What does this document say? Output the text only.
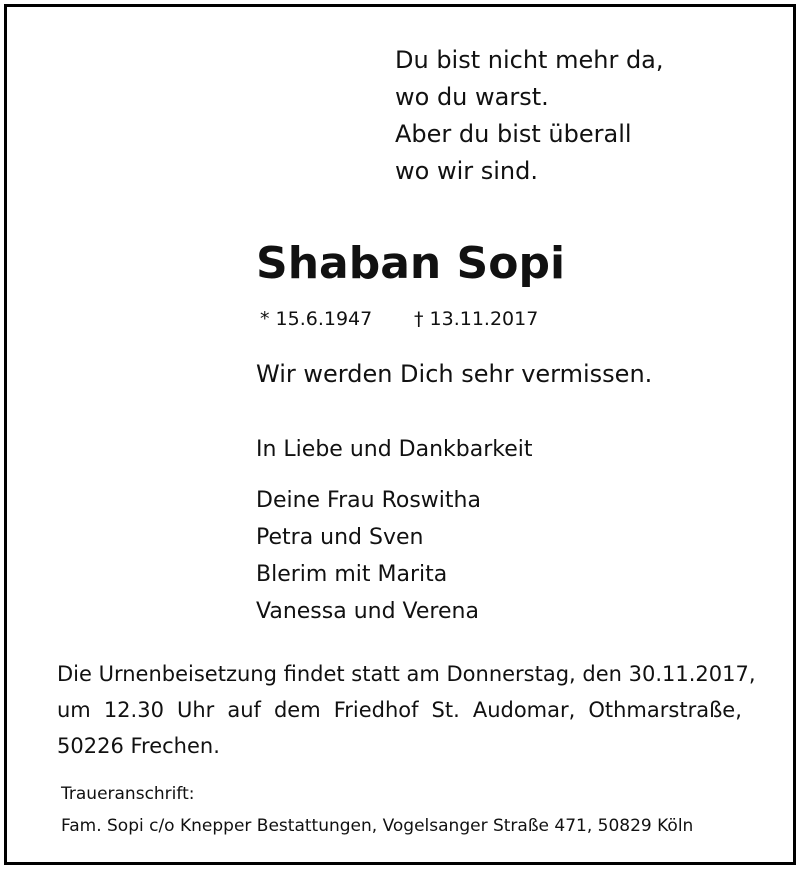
Du bist nicht mehr da,
wo du warst.
Aber du bist überall
wo wir sind.
Shaban Sopi
* 15.6.1947 † 13.11.2017
Wir werden Dich sehr vermissen.
In Liebe und Dankbarkeit
Deine Frau Roswitha
Petra und Sven
Blerim mit Marita
Vanessa und Verena
Die Urnenbeisetzung findet statt am Donnerstag, den 30.11.2017,
um 12.30 Uhr auf dem Friedhof St. Audomar, Othmarstraße,
50226 Frechen.
Traueranschrift:
Fam. Sopi c/o Knepper Bestattungen, Vogelsanger Straße 471, 50829 Köln
